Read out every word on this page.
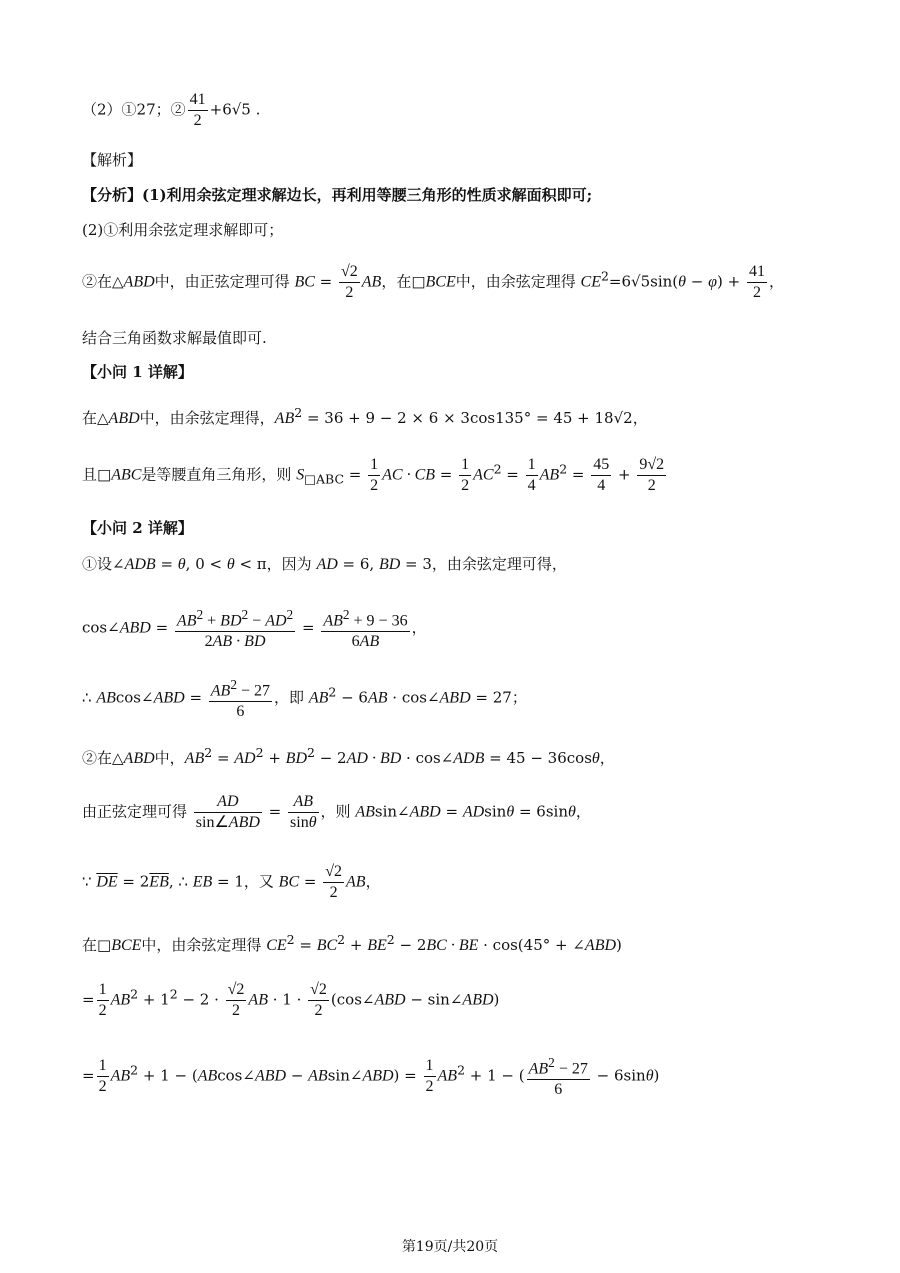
（2）①27；② $\frac{41}{2} +6√5$ .
【解析】
【分析】(1)利用余弦定理求解边长，再利用等腰三角形的性质求解面积即可;
(2)①利用余弦定理求解即可；
②在△ABD中，由正弦定理可得 BC = $\frac{√2}{2}$ AB，在□BCE中，由余弦定理得 $CE^2=6√5\sin(\theta - \varphi) + \frac{41}{2}$ ，
结合三角函数求解最值即可.
【小问 1 详解】
在△ABD中，由余弦定理得，$AB^2 = 36 + 9 - 2 \times 6 \times 3\cos 135^\circ = 45 + 18√2$，
且□ABC是等腰直角三角形，则 $S_{□ABC} = \frac{1}{2}$ AC · CB = $\frac{1}{2} AC^2 = \frac{1}{4} AB^2 = \frac{45}{4} + \frac{9√2}{2}$
【小问 2 详解】
①设∠ADB = θ, 0 < θ < π，因为 AD = 6, BD = 3，由余弦定理可得，
cos∠ABD = $\frac{AB^2 + BD^2 - AD^2}{2AB \cdot BD} = \frac{AB^2 + 9 - 36}{6AB}$ ，
∴ ABcos∠ABD = $\frac{AB^2 - 27}{6}$ ，即 $AB^2 - 6AB$ · cos∠ABD = 27；
②在△ABD中，$AB^2 = AD^2 + BD^2 - 2AD$ · BD · cos∠ADB = 45 − 36cosθ，
由正弦定理可得 $\frac{AD}{\text{sin∠ABD}} = \frac{AB}{\sin\theta}$ ，则 ABsin∠ABD = ADsinθ = 6sinθ，
∵ $\overline{DE} = 2\overline{EB}$, ∴ EB = 1，又 BC = $\frac{√2}{2}$ AB，
在□BCE中，由余弦定理得 $CE^2 = BC^2 + BE^2 - 2BC$ · BE · cos(45° + ∠ABD)
= $\frac{1}{2} AB^2 + 1^2 - 2 \cdot \frac{√2}{2}$ AB · $1 \cdot \frac{√2}{2}$ (cos∠ABD − sin∠ABD)
= $\frac{1}{2} AB^2 + 1$ − (ABcos∠ABD − ABsin∠ABD) = $\frac{1}{2} AB^2 + 1$ − ( $\frac{AB^2 - 27}{6} - 6\sin\theta$)
第19页/共20页
